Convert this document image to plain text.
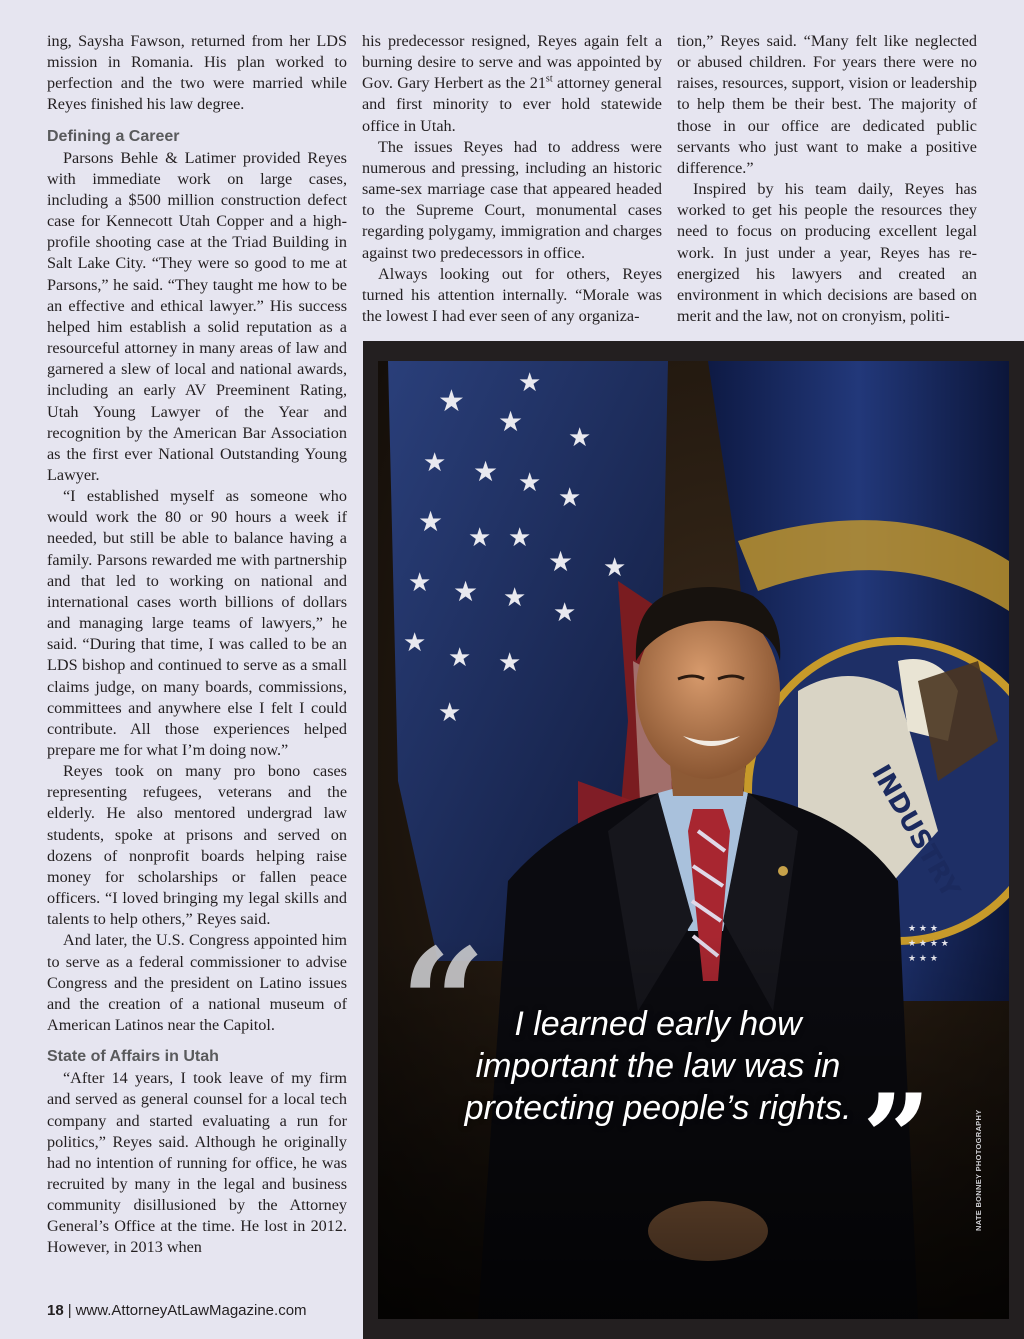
ing, Saysha Fawson, returned from her LDS mission in Romania. His plan worked to perfection and the two were married while Reyes finished his law degree.

Defining a Career

Parsons Behle & Latimer provided Reyes with immediate work on large cases, including a $500 million construction defect case for Kennecott Utah Copper and a high-profile shooting case at the Triad Building in Salt Lake City. “They were so good to me at Parsons,” he said. “They taught me how to be an effective and ethical lawyer.” His success helped him establish a solid reputation as a resourceful attorney in many areas of law and garnered a slew of local and national awards, including an early AV Preeminent Rating, Utah Young Lawyer of the Year and recognition by the American Bar Association as the first ever National Outstanding Young Lawyer.

“I established myself as someone who would work the 80 or 90 hours a week if needed, but still be able to balance having a family. Parsons rewarded me with partnership and that led to working on national and international cases worth billions of dollars and managing large teams of lawyers,” he said. “During that time, I was called to be an LDS bishop and continued to serve as a small claims judge, on many boards, commissions, committees and anywhere else I felt I could contribute. All those experiences helped prepare me for what I’m doing now.”

Reyes took on many pro bono cases representing refugees, veterans and the elderly. He also mentored undergrad law students, spoke at prisons and served on dozens of nonprofit boards helping raise money for scholarships or fallen peace officers. “I loved bringing my legal skills and talents to help others,” Reyes said.

And later, the U.S. Congress appointed him to serve as a federal commissioner to advise Congress and the president on Latino issues and the creation of a national museum of American Latinos near the Capitol.

State of Affairs in Utah

“After 14 years, I took leave of my firm and served as general counsel for a local tech company and started evaluating a run for politics,” Reyes said. Although he originally had no intention of running for office, he was recruited by many in the legal and business community disillusioned by the Attorney General’s Office at the time. He lost in 2012. However, in 2013 when

his predecessor resigned, Reyes again felt a burning desire to serve and was appointed by Gov. Gary Herbert as the 21st attorney general and first minority to ever hold statewide office in Utah.

The issues Reyes had to address were numerous and pressing, including an historic same-sex marriage case that appeared headed to the Supreme Court, monumental cases regarding polygamy, immigration and charges against two predecessors in office.

Always looking out for others, Reyes turned his attention internally. “Morale was the lowest I had ever seen of any organiza-

tion,” Reyes said. “Many felt like neglected or abused children. For years there were no raises, resources, support, vision or leadership to help them be their best. The majority of those in our office are dedicated public servants who just want to make a positive difference.”

Inspired by his team daily, Reyes has worked to get his people the resources they need to focus on producing excellent legal work. In just under a year, Reyes has re-energized his lawyers and created an environment in which decisions are based on merit and the law, not on cronyism, politi-

“ I learned early how important the law was in protecting people’s rights. ”	NATE BONNEY PHOTOGRAPHY
18 | www.AttorneyAtLawMagazine.com
